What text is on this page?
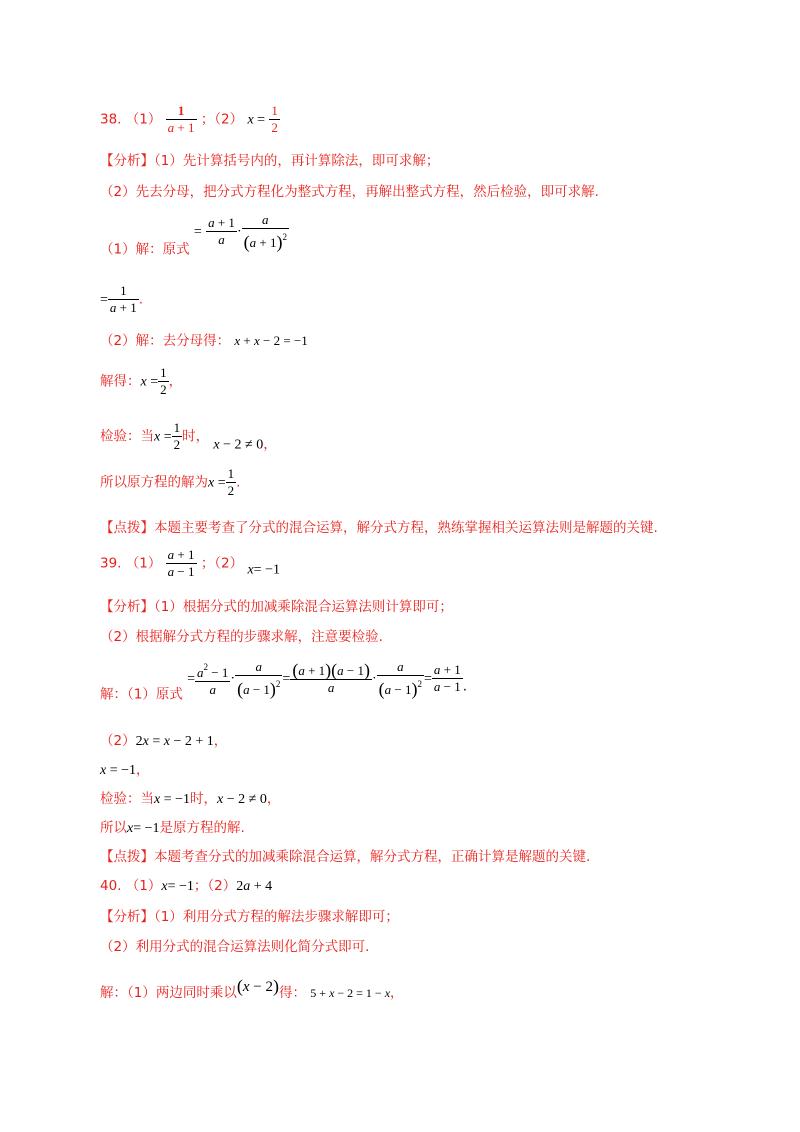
38. $(1) \frac{1}{a + 1}$ ；（2） $x = \frac{1}{2}$
【分析】（1）先计算括号内的，再计算除法，即可求解；
（2）先去分母，把分式方程化为整式方程，再解出整式方程，然后检验，即可求解.
（1）解：原式 = $\frac{a + 1}{a} \cdot \frac{a}{(a + 1)^2}$
= $\frac{1}{a + 1}$ .
（2）解：去分母得： x + x − 2 = −1
解得：$x = \frac{1}{2}$ ，
检验：当$x = \frac{1}{2}$ 时， x − 2 ≠ 0，
所以原方程的解为$x = \frac{1}{2}$ .
【点拨】本题主要考查了分式的混合运算，解分式方程，熟练掌握相关运算法则是解题的关键.
39. $(1) \frac{a + 1}{a - 1}$ ；（2） x= −1
【分析】（1）根据分式的加减乘除混合运算法则计算即可；
（2）根据解分式方程的步骤求解，注意要检验.
解：（1）原式 = $\frac{a^2 - 1}{a} \cdot \frac{a}{(a - 1)^2} = \frac{(a + 1)(a - 1)}{a} \cdot \frac{a}{(a - 1)^2} = \frac{a + 1}{a - 1}$ .
（2）2x = x − 2 + 1，
x = −1，
检验：当x = −1时，x − 2 ≠ 0，
所以x= −1是原方程的解.
【点拨】本题考查分式的加减乘除混合运算，解分式方程，正确计算是解题的关键.
40. （1）x= −1；（2）2a + 4
【分析】（1）利用分式方程的解法步骤求解即可；
（2）利用分式的混合运算法则化简分式即可.
解：（1）两边同时乘以(x − 2)得： 5 + x − 2 = 1 − x，
